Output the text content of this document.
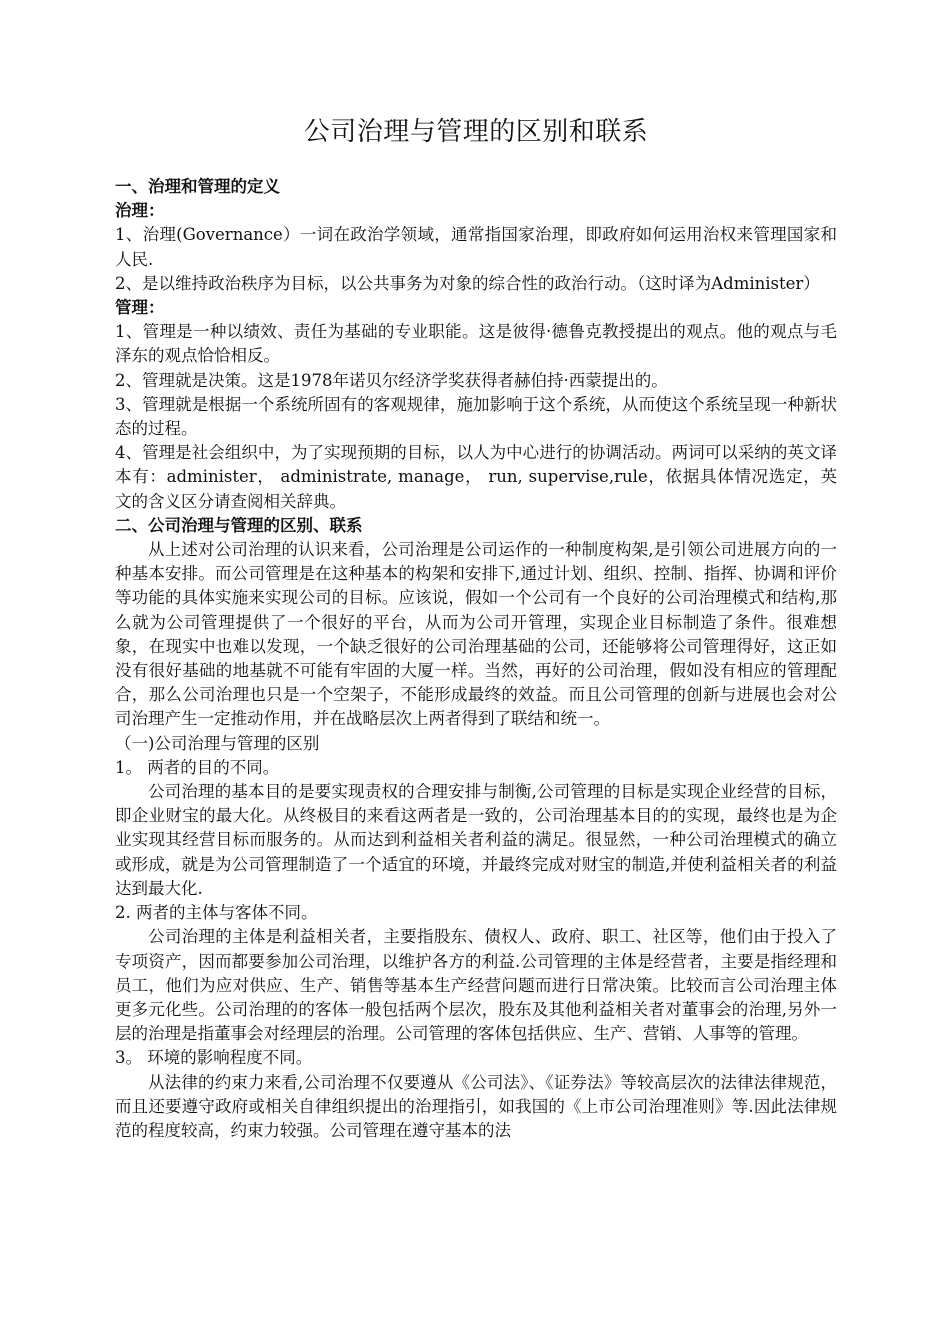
公司治理与管理的区别和联系

一、治理和管理的定义

治理：

1、治理(Governance）一词在政治学领域，通常指国家治理，即政府如何运用治权来管理国家和人民.

2、是以维持政治秩序为目标，以公共事务为对象的综合性的政治行动。（这时译为Administer）

管理：

1、管理是一种以绩效、责任为基础的专业职能。这是彼得·德鲁克教授提出的观点。他的观点与毛泽东的观点恰恰相反。

2、管理就是决策。这是1978年诺贝尔经济学奖获得者赫伯持·西蒙提出的。

3、管理就是根据一个系统所固有的客观规律，施加影响于这个系统，从而使这个系统呈现一种新状态的过程。

4、管理是社会组织中，为了实现预期的目标，以人为中心进行的协调活动。两词可以采纳的英文译本有：administer， administrate, manage， run, supervise,rule，依据具体情况选定，英文的含义区分请查阅相关辞典。

二、公司治理与管理的区别、联系

从上述对公司治理的认识来看，公司治理是公司运作的一种制度构架,是引领公司进展方向的一种基本安排。而公司管理是在这种基本的构架和安排下,通过计划、组织、控制、指挥、协调和评价等功能的具体实施来实现公司的目标。应该说，假如一个公司有一个良好的公司治理模式和结构,那么就为公司管理提供了一个很好的平台，从而为公司开管理，实现企业目标制造了条件。很难想象，在现实中也难以发现，一个缺乏很好的公司治理基础的公司，还能够将公司管理得好，这正如没有很好基础的地基就不可能有牢固的大厦一样。当然，再好的公司治理，假如没有相应的管理配合，那么公司治理也只是一个空架子，不能形成最终的效益。而且公司管理的创新与进展也会对公司治理产生一定推动作用，并在战略层次上两者得到了联结和统一。

（一)公司治理与管理的区别

1。 两者的目的不同。

公司治理的基本目的是要实现责权的合理安排与制衡,公司管理的目标是实现企业经营的目标，即企业财宝的最大化。从终极目的来看这两者是一致的，公司治理基本目的的实现，最终也是为企业实现其经营目标而服务的。从而达到利益相关者利益的满足。很显然，一种公司治理模式的确立或形成，就是为公司管理制造了一个适宜的环境，并最终完成对财宝的制造,并使利益相关者的利益达到最大化.

2. 两者的主体与客体不同。

公司治理的主体是利益相关者，主要指股东、债权人、政府、职工、社区等，他们由于投入了专项资产，因而都要参加公司治理，以维护各方的利益.公司管理的主体是经营者，主要是指经理和员工，他们为应对供应、生产、销售等基本生产经营问题而进行日常决策。比较而言公司治理主体更多元化些。公司治理的的客体一般包括两个层次，股东及其他利益相关者对董事会的治理,另外一层的治理是指董事会对经理层的治理。公司管理的客体包括供应、生产、营销、人事等的管理。

3。 环境的影响程度不同。

从法律的约束力来看,公司治理不仅要遵从《公司法》、《证券法》等较高层次的法律法律规范，而且还要遵守政府或相关自律组织提出的治理指引，如我国的《上市公司治理准则》等.因此法律规范的程度较高，约束力较强。公司管理在遵守基本的法
